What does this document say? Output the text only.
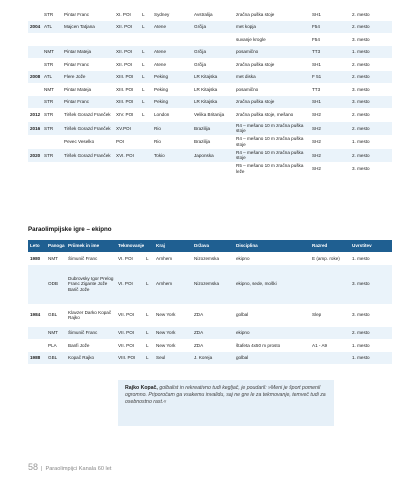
	STR	Pintar Franc	XI. POI	L	Sydney	Avstralija	zračna puška stoje	SH1	2. mesto
2004	ATL	Majcen Tatjana	XII. POI	L	Atene	Grčija	met kopja	F54	2. mesto
							suvanje krogle	F54	3. mesto
	NMT	Pintar Mateja	XII. POI	L	Atene	Grčija	posamično	TT3	1. mesto
	STR	Pintar Franc	XII. POI	L	Atene	Grčija	zračna puška stoje	SH1	2. mesto
2008	ATL	Flere Jože	XIII. POI	L	Peking	LR Kitajska	met diska	F 51	2. mesto
	NMT	Pintar Mateja	XIII. POI	L	Peking	LR Kitajska	posamično	TT3	3. mesto
	STR	Pintar Franc	XIII. POI	L	Peking	LR Kitajska	zračna puška stoje	SH1	3. mesto
2012	STR	Tiršek Gorazd Franček	XIV. POI	L	London	Velika Britanija	zračna puška stoje, mešano	SH2	2. mesto
2016	STR	Tiršek Gorazd Franček	XV.POI		Rio	Brazilija	R4 – mešano 10 m zračna puška stoje	SH2	2. mesto
		Pevec Veselko	POI		Rio	Brazilija	R4 – mešano 10 m zračna puška stoje	SH2	1. mesto
2020	STR	Tiršek Gorazd Franček	XVI. POI		Tokio	Japonska	R4 – mešano 10 m zračna puška stoje	SH2	2. mesto
							R5 – mešano 10 m zračna puška leže	SH2	3. mesto
Paraolimpijske igre – ekipno
Leto	Panoga	Priimek in ime	Tekmovanje		Kraj	Država	Disciplina	Razred	Uvrstitev
1980	NMT	Šimunič Franc	VI. POI	L	Arnhem	Nizozemska	ekipno	E (amp. roke)	1. mesto
	ODB	Dubrovsky Igor Prelog Franc Zigante Jože Barič Jože	VI. POI	L	Arnhem	Nizozemska	ekipno, sede, moški		3. mesto
1984	GBL	Klavzer Darko Kopač Rajko	VII. POI	L	New York	ZDA	golbal	Slep	3. mesto
	NMT	Šimunič Franc	VII. POI	L	New York	ZDA	ekipno		2. mesto
	PLA	Banfi Jože	VII. POI	L	New York	ZDA	štafeta 4x50 m prosto	A1 - A9	1. mesto
1988	GBL	Kopač Rajko	VIII. POI	L	Seul	J. Koreja	golbal		1. mesto
Rajko Kopač, golbalist in rekreativno tudi kegljač, je poudaril: »Meni je šport pomenil ogromno. Priporočam ga vsakemu invalidu, saj ne gre le za tekmovanje, temveč tudi za osebnostno rast.«
58 | Paraolimpijci Kanala 60 let
